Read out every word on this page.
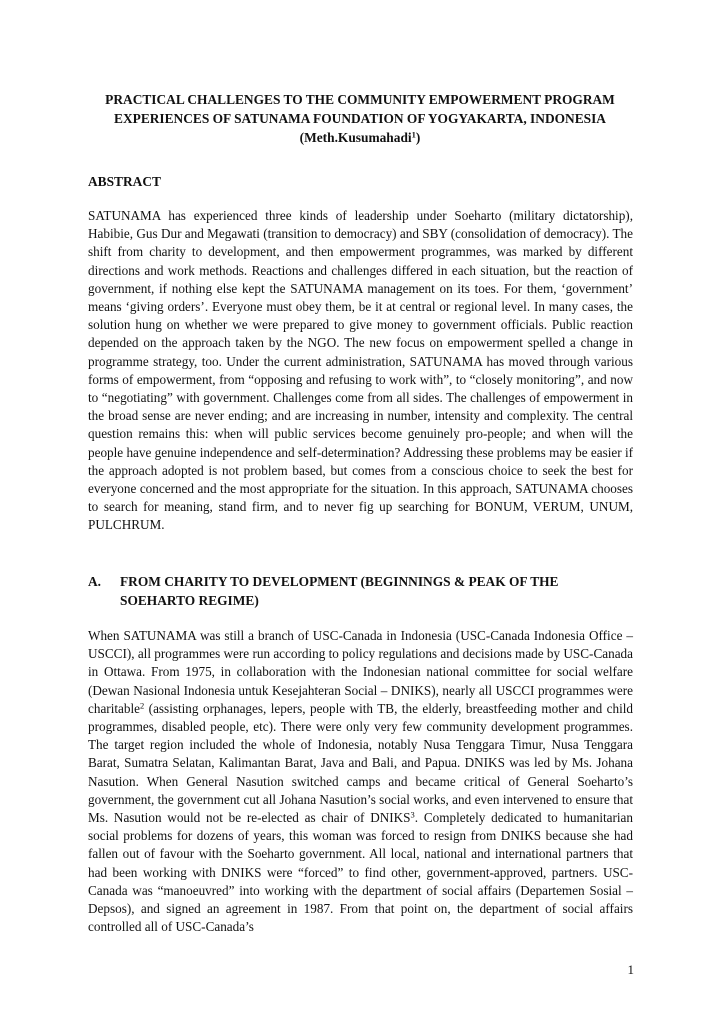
PRACTICAL CHALLENGES TO THE COMMUNITY EMPOWERMENT PROGRAM
EXPERIENCES OF SATUNAMA FOUNDATION OF YOGYAKARTA, INDONESIA
(Meth.Kusumahadi$^1$)
ABSTRACT

SATUNAMA has experienced three kinds of leadership under Soeharto (military dictatorship), Habibie, Gus Dur and Megawati (transition to democracy) and SBY (consolidation of democracy). The shift from charity to development, and then empowerment programmes, was marked by different directions and work methods. Reactions and challenges differed in each situation, but the reaction of government, if nothing else kept the SATUNAMA management on its toes. For them, ‘government’ means ‘giving orders’. Everyone must obey them, be it at central or regional level. In many cases, the solution hung on whether we were prepared to give money to government officials. Public reaction depended on the approach taken by the NGO. The new focus on empowerment spelled a change in programme strategy, too. Under the current administration, SATUNAMA has moved through various forms of empowerment, from “opposing and refusing to work with”, to “closely monitoring”, and now to “negotiating” with government. Challenges come from all sides. The challenges of empowerment in the broad sense are never ending; and are increasing in number, intensity and complexity. The central question remains this: when will public services become genuinely pro-people; and when will the people have genuine independence and self-determination? Addressing these problems may be easier if the approach adopted is not problem based, but comes from a conscious choice to seek the best for everyone concerned and the most appropriate for the situation. In this approach, SATUNAMA chooses to search for meaning, stand firm, and to never fig up searching for BONUM, VERUM, UNUM, PULCHRUM.

A. FROM CHARITY TO DEVELOPMENT (BEGINNINGS & PEAK OF THE
SOEHARTO REGIME)

When SATUNAMA was still a branch of USC-Canada in Indonesia (USC-Canada Indonesia Office – USCCI), all programmes were run according to policy regulations and decisions made by USC-Canada in Ottawa. From 1975, in collaboration with the Indonesian national committee for social welfare (Dewan Nasional Indonesia untuk Kesejahteran Social – DNIKS), nearly all USCCI programmes were charitable$^2$ (assisting orphanages, lepers, people with TB, the elderly, breastfeeding mother and child programmes, disabled people, etc). There were only very few community development programmes. The target region included the whole of Indonesia, notably Nusa Tenggara Timur, Nusa Tenggara Barat, Sumatra Selatan, Kalimantan Barat, Java and Bali, and Papua. DNIKS was led by Ms. Johana Nasution. When General Nasution switched camps and became critical of General Soeharto’s government, the government cut all Johana Nasution’s social works, and even intervened to ensure that Ms. Nasution would not be re-elected as chair of DNIKS$^3$. Completely dedicated to humanitarian social problems for dozens of years, this woman was forced to resign from DNIKS because she had fallen out of favour with the Soeharto government. All local, national and international partners that had been working with DNIKS were “forced” to find other, government-approved, partners. USC-Canada was “manoeuvred” into working with the department of social affairs (Departemen Sosial – Depsos), and signed an agreement in 1987. From that point on, the department of social affairs controlled all of USC-Canada’s

1
